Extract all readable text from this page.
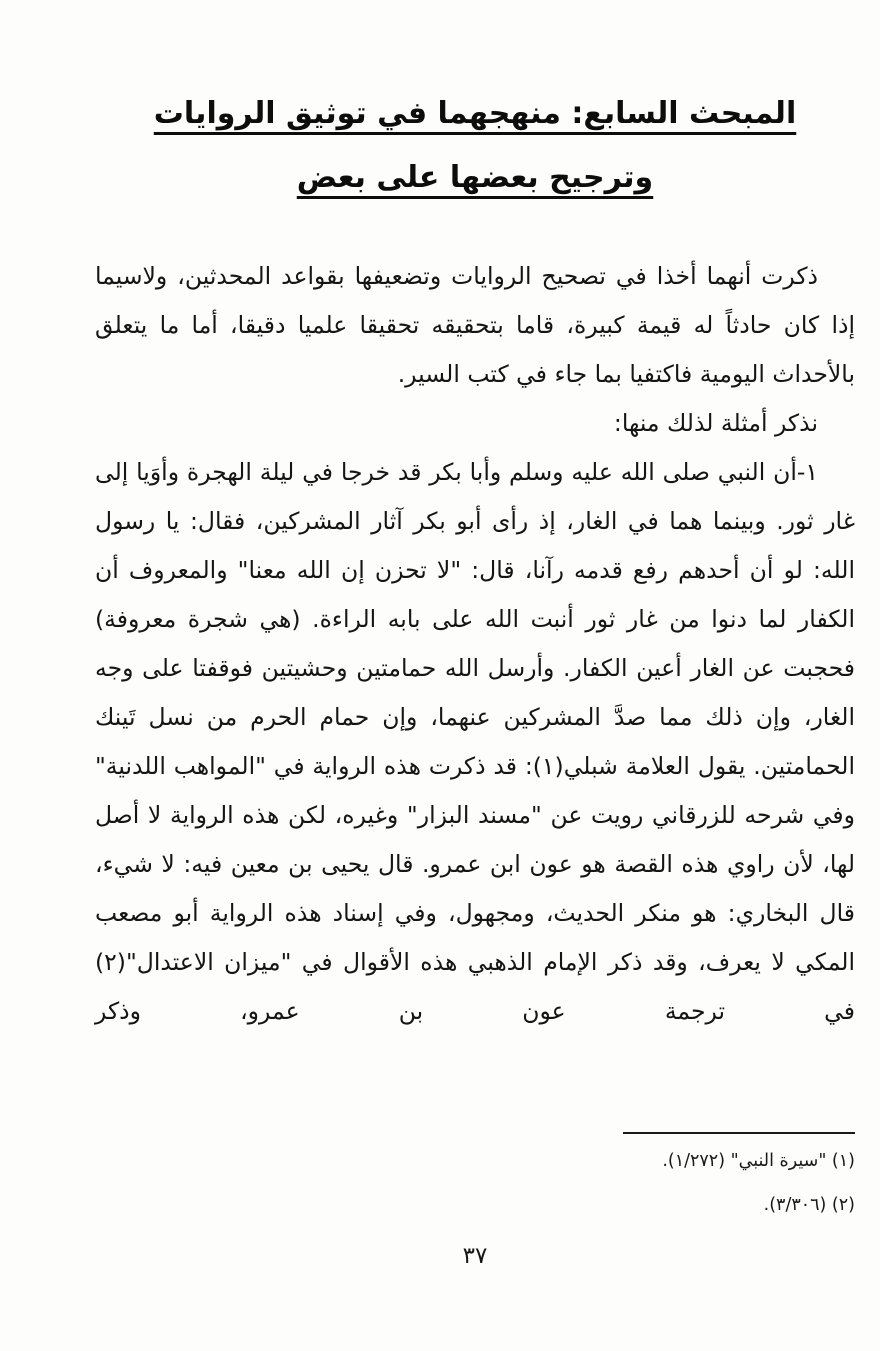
المبحث السابع: منهجهما في توثيق الروايات
وترجيح بعضها على بعض

ذكرت أنهما أخذا في تصحيح الروايات وتضعيفها بقواعد المحدثين، ولاسيما إذا كان حادثاً له قيمة كبيرة، قاما بتحقيقه تحقيقا علميا دقيقا، أما ما يتعلق بالأحداث اليومية فاكتفيا بما جاء في كتب السير.

نذكر أمثلة لذلك منها:

١-أن النبي صلى الله عليه وسلم وأبا بكر قد خرجا في ليلة الهجرة وأوَيا إلى غار ثور. وبينما هما في الغار، إذ رأى أبو بكر آثار المشركين، فقال: يا رسول الله: لو أن أحدهم رفع قدمه رآنا، قال: "لا تحزن إن الله معنا" والمعروف أن الكفار لما دنوا من غار ثور أنبت الله على بابه الراءة. (هي شجرة معروفة) فحجبت عن الغار أعين الكفار. وأرسل الله حمامتين وحشيتين فوقفتا على وجه الغار، وإن ذلك مما صدَّ المشركين عنهما، وإن حمام الحرم من نسل تَينك الحمامتين. يقول العلامة شبلي(١): قد ذكرت هذه الرواية في "المواهب اللدنية" وفي شرحه للزرقاني رويت عن "مسند البزار" وغيره، لكن هذه الرواية لا أصل لها، لأن راوي هذه القصة هو عون ابن عمرو. قال يحيى بن معين فيه: لا شيء، قال البخاري: هو منكر الحديث، ومجهول، وفي إسناد هذه الرواية أبو مصعب المكي لا يعرف، وقد ذكر الإمام الذهبي هذه الأقوال في "ميزان الاعتدال"(٢) في ترجمة عون بن عمرو، وذكر

(١) "سيرة النبي" (١/٢٧٢).

(٢) (٣/٣٠٦).

٣٧
